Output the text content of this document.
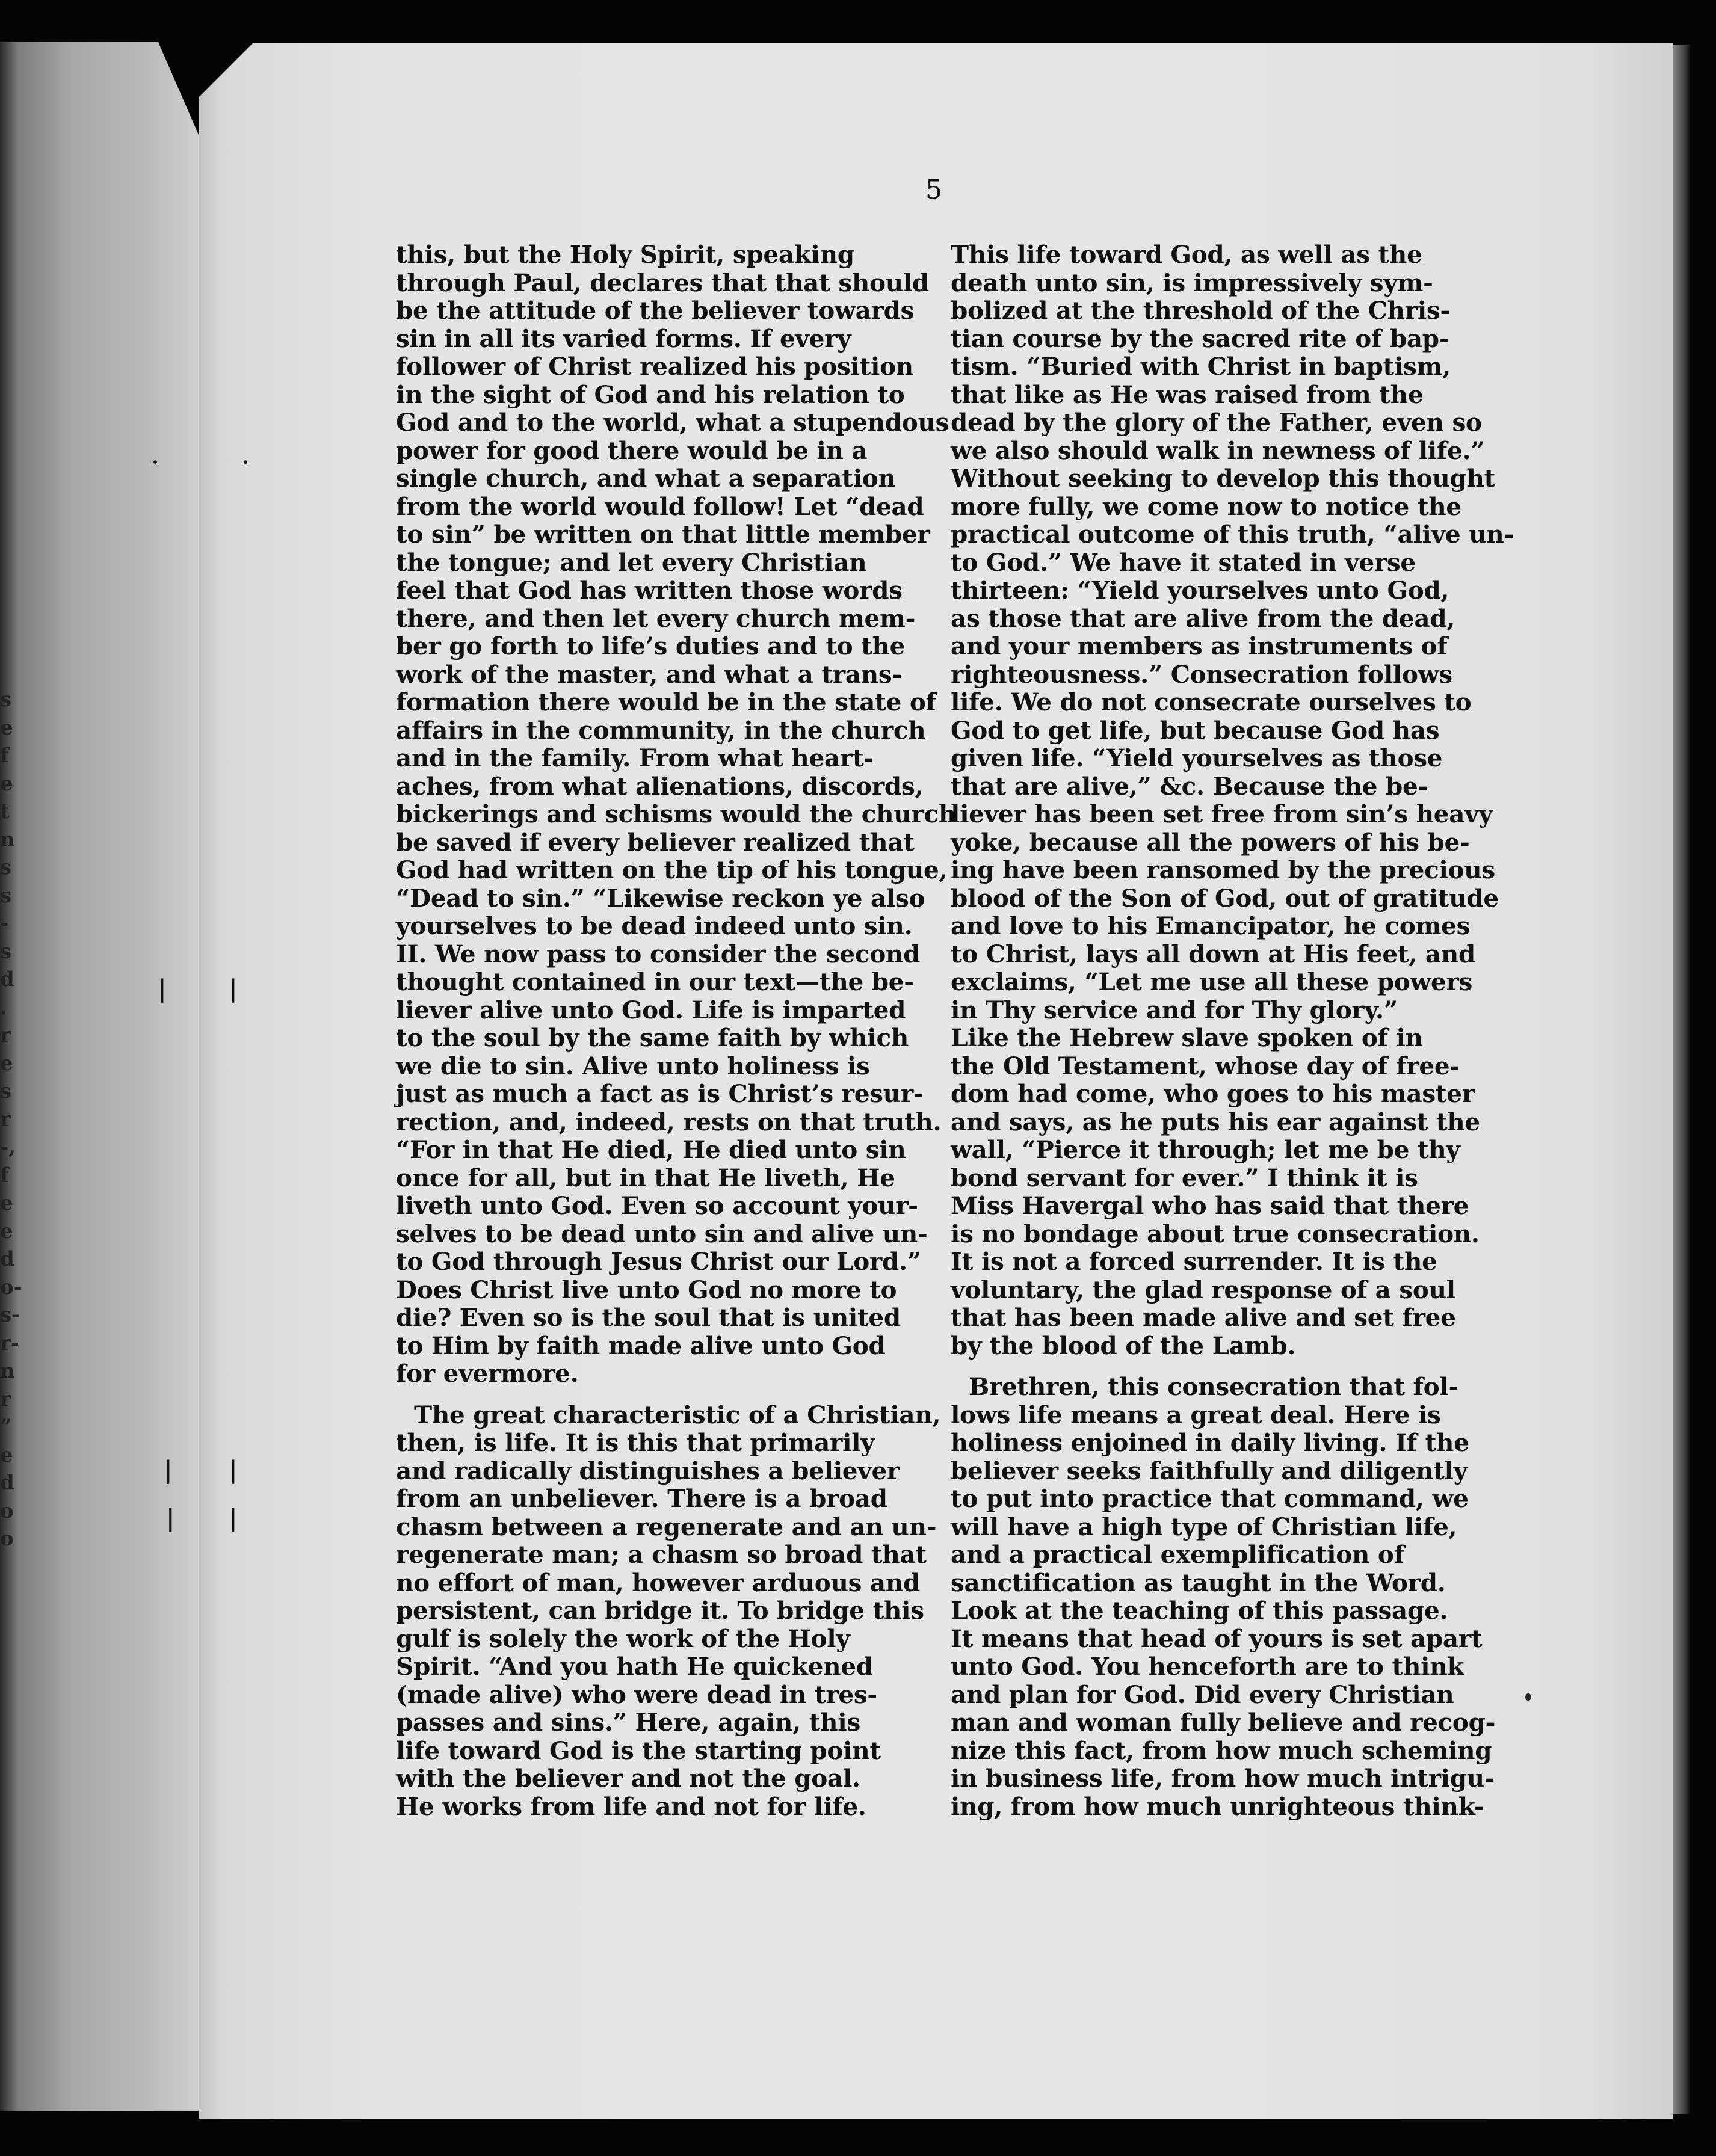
s
e
f
e
t
n
s
s
-
s
d
.
r
e
s
r
-,
f
e
e
d
o-
s-
r-
n
r
”
e
d
o
o
˙	˙
|	|
| |
| |
5
this, but the Holy Spirit, speaking
through Paul, declares that that should
be the attitude of the believer towards
sin in all its varied forms. If every
follower of Christ realized his position
in the sight of God and his relation to
God and to the world, what a stupendous
power for good there would be in a
single church, and what a separation
from the world would follow! Let “dead
to sin” be written on that little member
the tongue; and let every Christian
feel that God has written those words
there, and then let every church mem-
ber go forth to life’s duties and to the
work of the master, and what a trans-
formation there would be in the state of
affairs in the community, in the church
and in the family. From what heart-
aches, from what alienations, discords,
bickerings and schisms would the church
be saved if every believer realized that
God had written on the tip of his tongue,
“Dead to sin.” “Likewise reckon ye also
yourselves to be dead indeed unto sin.
II. We now pass to consider the second
thought contained in our text—the be-
liever alive unto God. Life is imparted
to the soul by the same faith by which
we die to sin. Alive unto holiness is
just as much a fact as is Christ’s resur-
rection, and, indeed, rests on that truth.
“For in that He died, He died unto sin
once for all, but in that He liveth, He
liveth unto God. Even so account your-
selves to be dead unto sin and alive un-
to God through Jesus Christ our Lord.”
Does Christ live unto God no more to
die? Even so is the soul that is united
to Him by faith made alive unto God
for evermore.
The great characteristic of a Christian,
then, is life. It is this that primarily
and radically distinguishes a believer
from an unbeliever. There is a broad
chasm between a regenerate and an un-
regenerate man; a chasm so broad that
no effort of man, however arduous and
persistent, can bridge it. To bridge this
gulf is solely the work of the Holy
Spirit. “And you hath He quickened
(made alive) who were dead in tres-
passes and sins.” Here, again, this
life toward God is the starting point
with the believer and not the goal.
He works from life and not for life.
This life toward God, as well as the
death unto sin, is impressively sym-
bolized at the threshold of the Chris-
tian course by the sacred rite of bap-
tism. “Buried with Christ in baptism,
that like as He was raised from the
dead by the glory of the Father, even so
we also should walk in newness of life.”
Without seeking to develop this thought
more fully, we come now to notice the
practical outcome of this truth, “alive un-
to God.” We have it stated in verse
thirteen: “Yield yourselves unto God,
as those that are alive from the dead,
and your members as instruments of
righteousness.” Consecration follows
life. We do not consecrate ourselves to
God to get life, but because God has
given life. “Yield yourselves as those
that are alive,” &c. Because the be-
liever has been set free from sin’s heavy
yoke, because all the powers of his be-
ing have been ransomed by the precious
blood of the Son of God, out of gratitude
and love to his Emancipator, he comes
to Christ, lays all down at His feet, and
exclaims, “Let me use all these powers
in Thy service and for Thy glory.”
Like the Hebrew slave spoken of in
the Old Testament, whose day of free-
dom had come, who goes to his master
and says, as he puts his ear against the
wall, “Pierce it through; let me be thy
bond servant for ever.” I think it is
Miss Havergal who has said that there
is no bondage about true consecration.
It is not a forced surrender. It is the
voluntary, the glad response of a soul
that has been made alive and set free
by the blood of the Lamb.
Brethren, this consecration that fol-
lows life means a great deal. Here is
holiness enjoined in daily living. If the
believer seeks faithfully and diligently
to put into practice that command, we
will have a high type of Christian life,
and a practical exemplification of
sanctification as taught in the Word.
Look at the teaching of this passage.
It means that head of yours is set apart
unto God. You henceforth are to think
and plan for God. Did every Christian
man and woman fully believe and recog-
nize this fact, from how much scheming
in business life, from how much intrigu-
ing, from how much unrighteous think-
